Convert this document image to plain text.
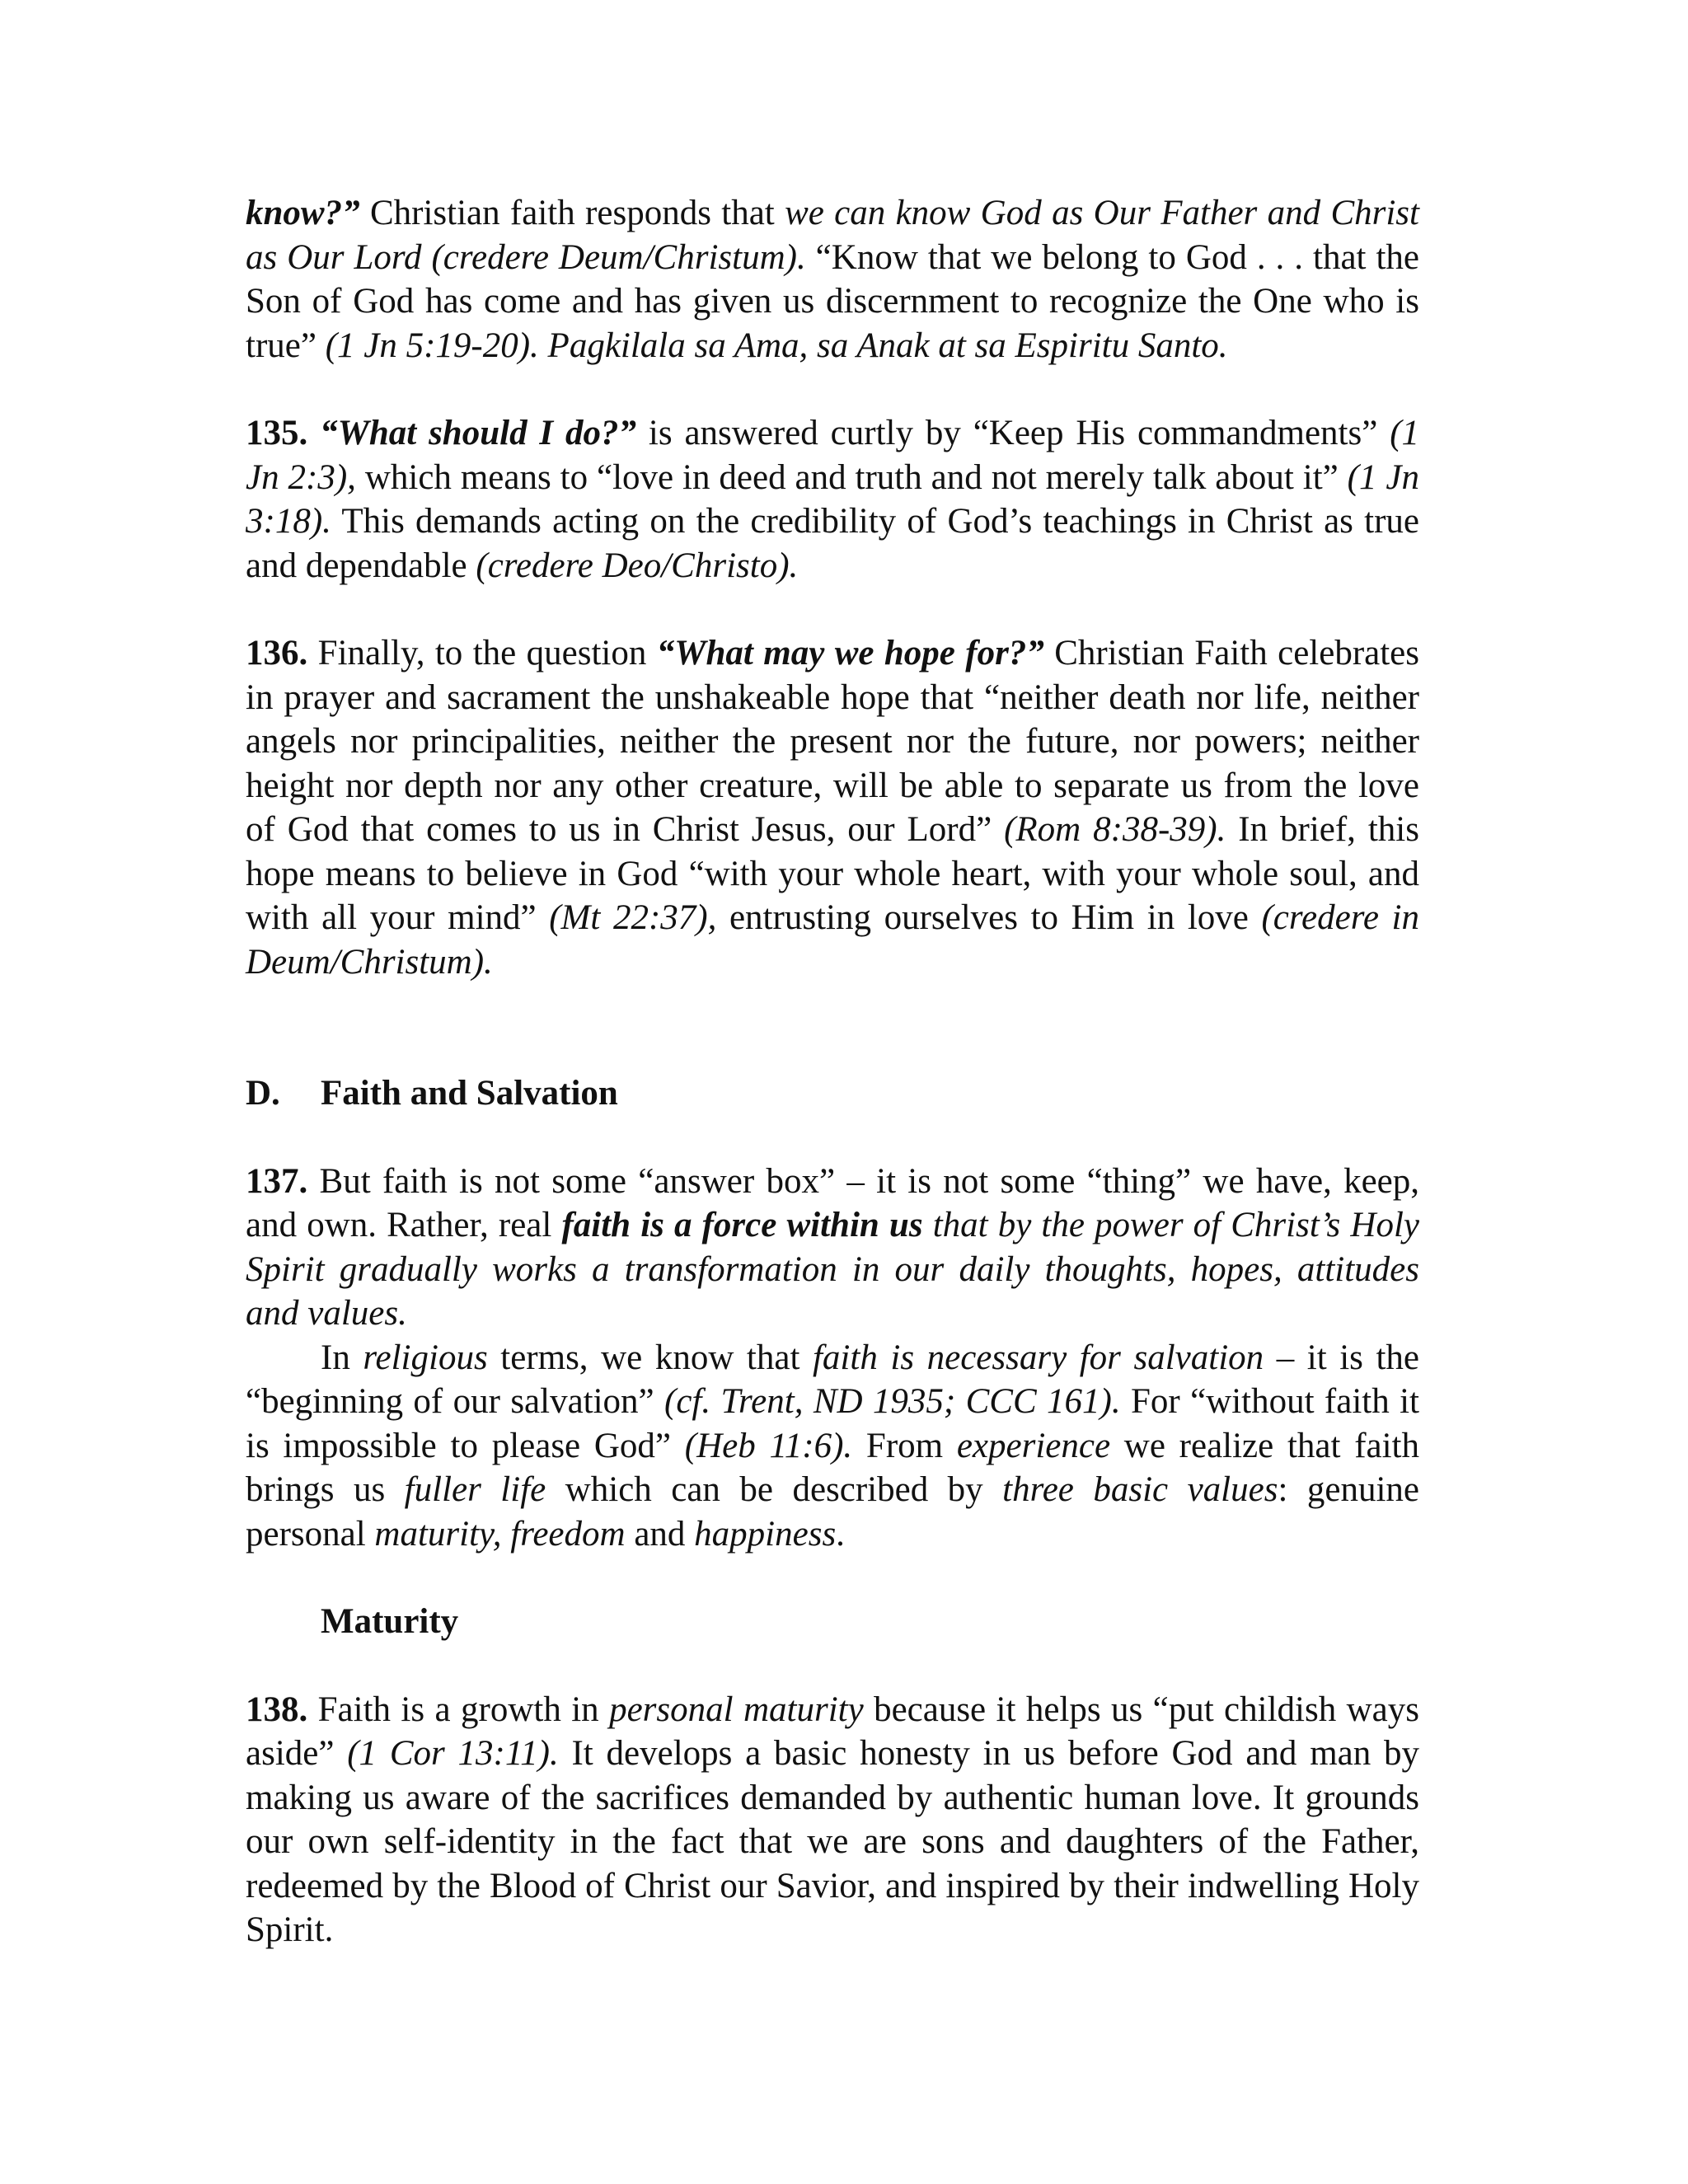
know?” Christian faith responds that we can know God as Our Father and Christ as Our Lord (credere Deum/Christum). “Know that we belong to God . . . that the Son of God has come and has given us discernment to recognize the One who is true” (1 Jn 5:19-20). Pagkilala sa Ama, sa Anak at sa Espiritu Santo.

135. “What should I do?” is answered curtly by “Keep His commandments” (1 Jn 2:3), which means to “love in deed and truth and not merely talk about it” (1 Jn 3:18). This demands acting on the credibility of God’s teachings in Christ as true and dependable (credere Deo/Christo).

136. Finally, to the question “What may we hope for?” Christian Faith celebrates in prayer and sacrament the unshakeable hope that “neither death nor life, neither angels nor principalities, neither the present nor the future, nor powers; neither height nor depth nor any other creature, will be able to separate us from the love of God that comes to us in Christ Jesus, our Lord” (Rom 8:38-39). In brief, this hope means to believe in God “with your whole heart, with your whole soul, and with all your mind” (Mt 22:37), entrusting ourselves to Him in love (credere in Deum/Christum).

D. Faith and Salvation

137. But faith is not some “answer box” – it is not some “thing” we have, keep, and own. Rather, real faith is a force within us that by the power of Christ’s Holy Spirit gradually works a transformation in our daily thoughts, hopes, attitudes and values.

In religious terms, we know that faith is necessary for salvation – it is the “beginning of our salvation” (cf. Trent, ND 1935; CCC 161). For “without faith it is impossible to please God” (Heb 11:6). From experience we realize that faith brings us fuller life which can be described by three basic values: genuine personal maturity, freedom and happiness.

Maturity

138. Faith is a growth in personal maturity because it helps us “put childish ways aside” (1 Cor 13:11). It develops a basic honesty in us before God and man by making us aware of the sacrifices demanded by authentic human love. It grounds our own self-identity in the fact that we are sons and daughters of the Father, redeemed by the Blood of Christ our Savior, and inspired by their indwelling Holy Spirit.
